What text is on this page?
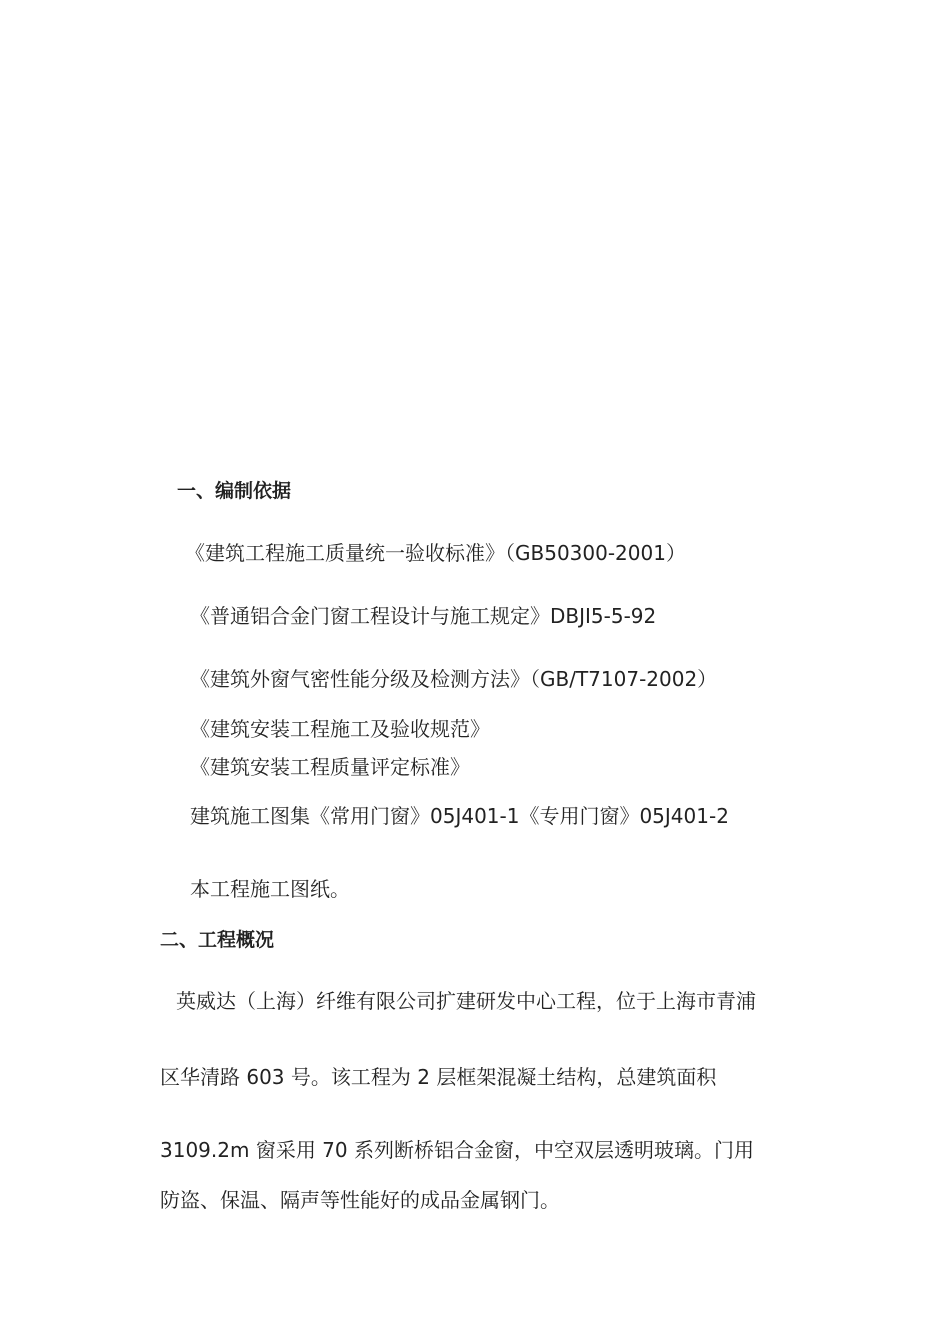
一、编制依据
《建筑工程施工质量统一验收标准》（GB50300-2001）
《普通铝合金门窗工程设计与施工规定》DBJI5-5-92
《建筑外窗气密性能分级及检测方法》（GB/T7107-2002）
《建筑安装工程施工及验收规范》
《建筑安装工程质量评定标准》
建筑施工图集《常用门窗》05J401-1《专用门窗》05J401-2
本工程施工图纸。
二、工程概况
英威达（上海）纤维有限公司扩建研发中心工程，位于上海市青浦
区华清路 603 号。该工程为 2 层框架混凝土结构，总建筑面积
3109.2m 窗采用 70 系列断桥铝合金窗，中空双层透明玻璃。门用
防盗、保温、隔声等性能好的成品金属钢门。
